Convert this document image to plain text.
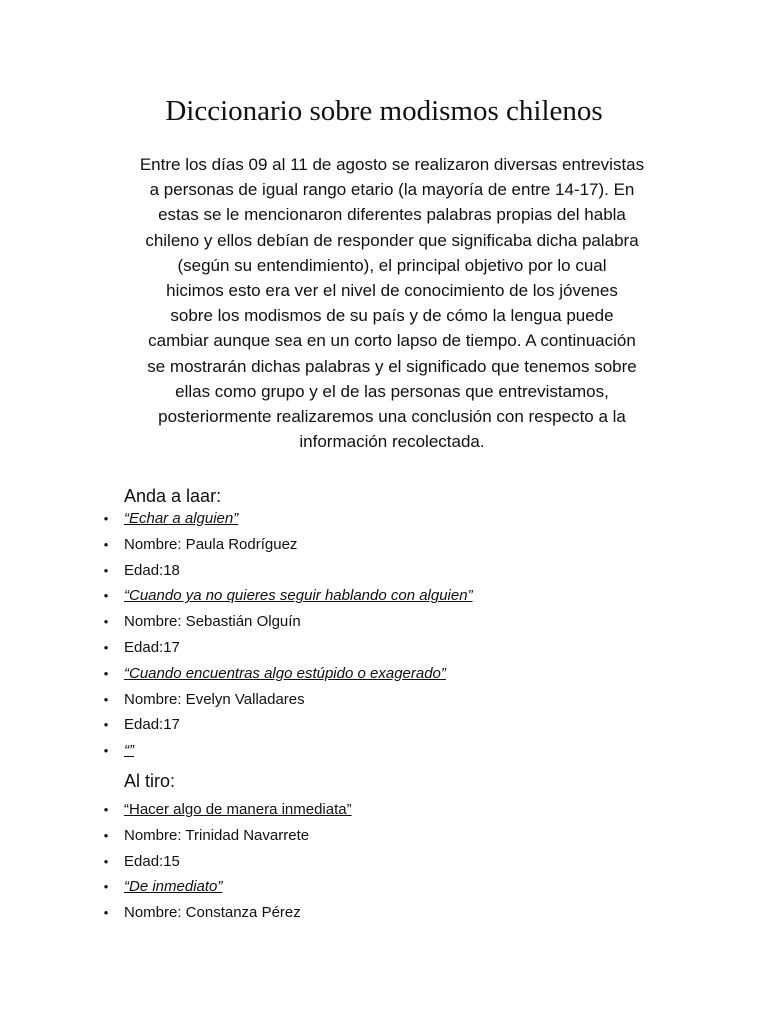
Diccionario sobre modismos chilenos

Entre los días 09 al 11 de agosto se realizaron diversas entrevistas
a personas de igual rango etario (la mayoría de entre 14-17). En
estas se le mencionaron diferentes palabras propias del habla
chileno y ellos debían de responder que significaba dicha palabra
(según su entendimiento), el principal objetivo por lo cual
hicimos esto era ver el nivel de conocimiento de los jóvenes
sobre los modismos de su país y de cómo la lengua puede
cambiar aunque sea en un corto lapso de tiempo. A continuación
se mostrarán dichas palabras y el significado que tenemos sobre
ellas como grupo y el de las personas que entrevistamos,
posteriormente realizaremos una conclusión con respecto a la
información recolectada.

Anda a laar:
• “Echar a alguien”
• Nombre: Paula Rodríguez
• Edad:18
• “Cuando ya no quieres seguir hablando con alguien”
• Nombre: Sebastián Olguín
• Edad:17
• “Cuando encuentras algo estúpido o exagerado”
• Nombre: Evelyn Valladares
• Edad:17
• “”
Al tiro:
• “Hacer algo de manera inmediata”
• Nombre: Trinidad Navarrete
• Edad:15
• “De inmediato”
• Nombre: Constanza Pérez
